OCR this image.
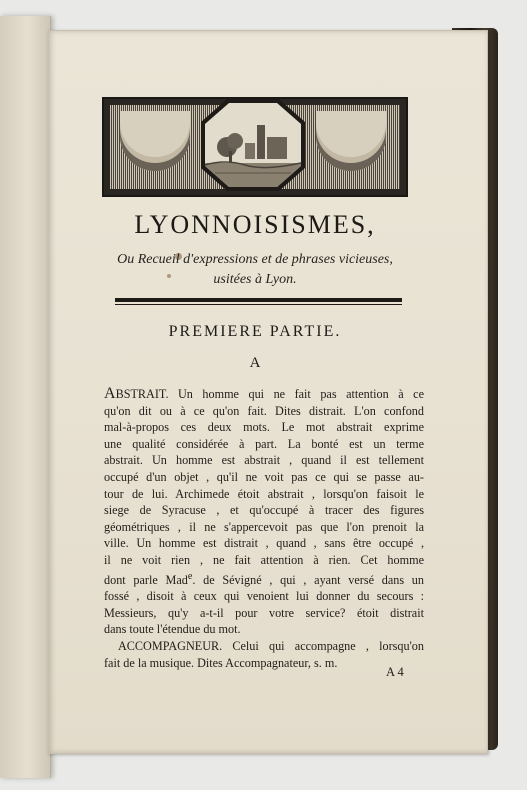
LYONNOISISMES,
Ou Recueil d'expressions et de phrases vicieuses,
usitées à Lyon.
PREMIERE PARTIE.
A
ABSTRAIT. Un homme qui ne fait pas attention à ce
qu'on dit ou à ce qu'on fait. Dites distrait. L'on confond
mal-à-propos ces deux mots. Le mot abstrait exprime
une qualité considérée à part. La bonté est un terme
abstrait. Un homme est abstrait , quand il est tellement
occupé d'un objet , qu'il ne voit pas ce qui se passe au-
tour de lui. Archimede étoit abstrait , lorsqu'on faisoit le
siege de Syracuse , et qu'occupé à tracer des figures
géométriques , il ne s'appercevoit pas que l'on prenoit la
ville. Un homme est distrait , quand , sans être occupé ,
il ne voit rien , ne fait attention à rien. Cet homme
dont parle Mad$^e$. de Sévigné , qui , ayant versé dans un
fossé , disoit à ceux qui venoient lui donner du secours :
Messieurs, qu'y a-t-il pour votre service? étoit distrait
dans toute l'étendue du mot.
ACCOMPAGNEUR. Celui qui accompagne , lorsqu'on
fait de la musique. Dites Accompagnateur, s. m.
A 4
